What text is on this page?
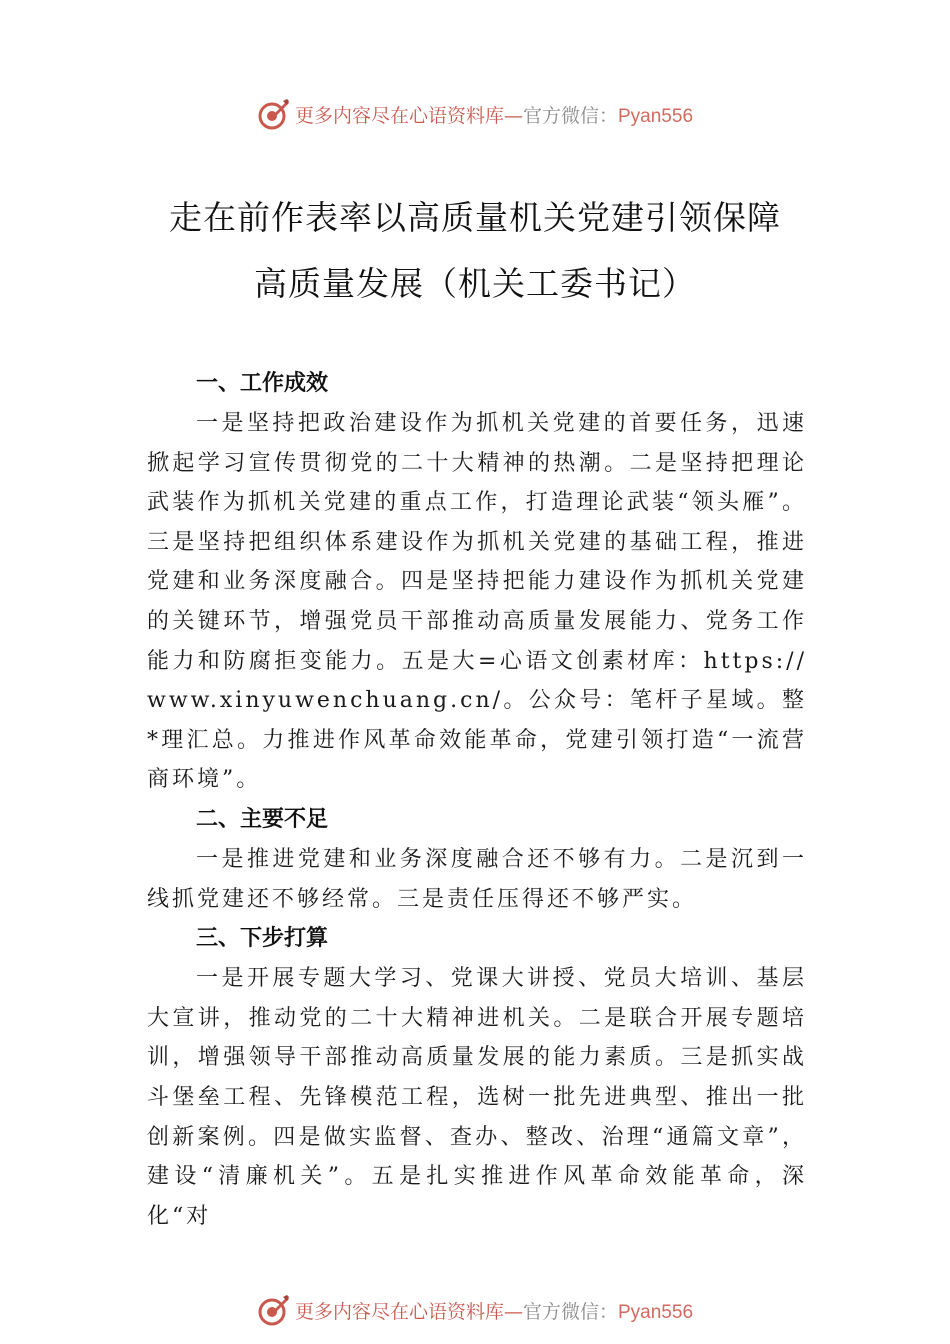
更多内容尽在心语资料库—官方微信：Pyan556
走在前作表率以高质量机关党建引领保障
高质量发展（机关工委书记）
一、工作成效

一是坚持把政治建设作为抓机关党建的首要任务，迅速掀起学习宣传贯彻党的二十大精神的热潮。二是坚持把理论武装作为抓机关党建的重点工作，打造理论武装“领头雁”。三是坚持把组织体系建设作为抓机关党建的基础工程，推进党建和业务深度融合。四是坚持把能力建设作为抓机关党建的关键环节，增强党员干部推动高质量发展能力、党务工作能力和防腐拒变能力。五是大=心语文创素材库：https://www.xinyuwenchuang.cn/。公众号：笔杆子星域。整*理汇总。力推进作风革命效能革命，党建引领打造“一流营商环境”。

二、主要不足

一是推进党建和业务深度融合还不够有力。二是沉到一线抓党建还不够经常。三是责任压得还不够严实。

三、下步打算

一是开展专题大学习、党课大讲授、党员大培训、基层大宣讲，推动党的二十大精神进机关。二是联合开展专题培训，增强领导干部推动高质量发展的能力素质。三是抓实战斗堡垒工程、先锋模范工程，选树一批先进典型、推出一批创新案例。四是做实监督、查办、整改、治理“通篇文章”，建设“清廉机关”。五是扎实推进作风革命效能革命，深化“对

更多内容尽在心语资料库—官方微信：Pyan556
